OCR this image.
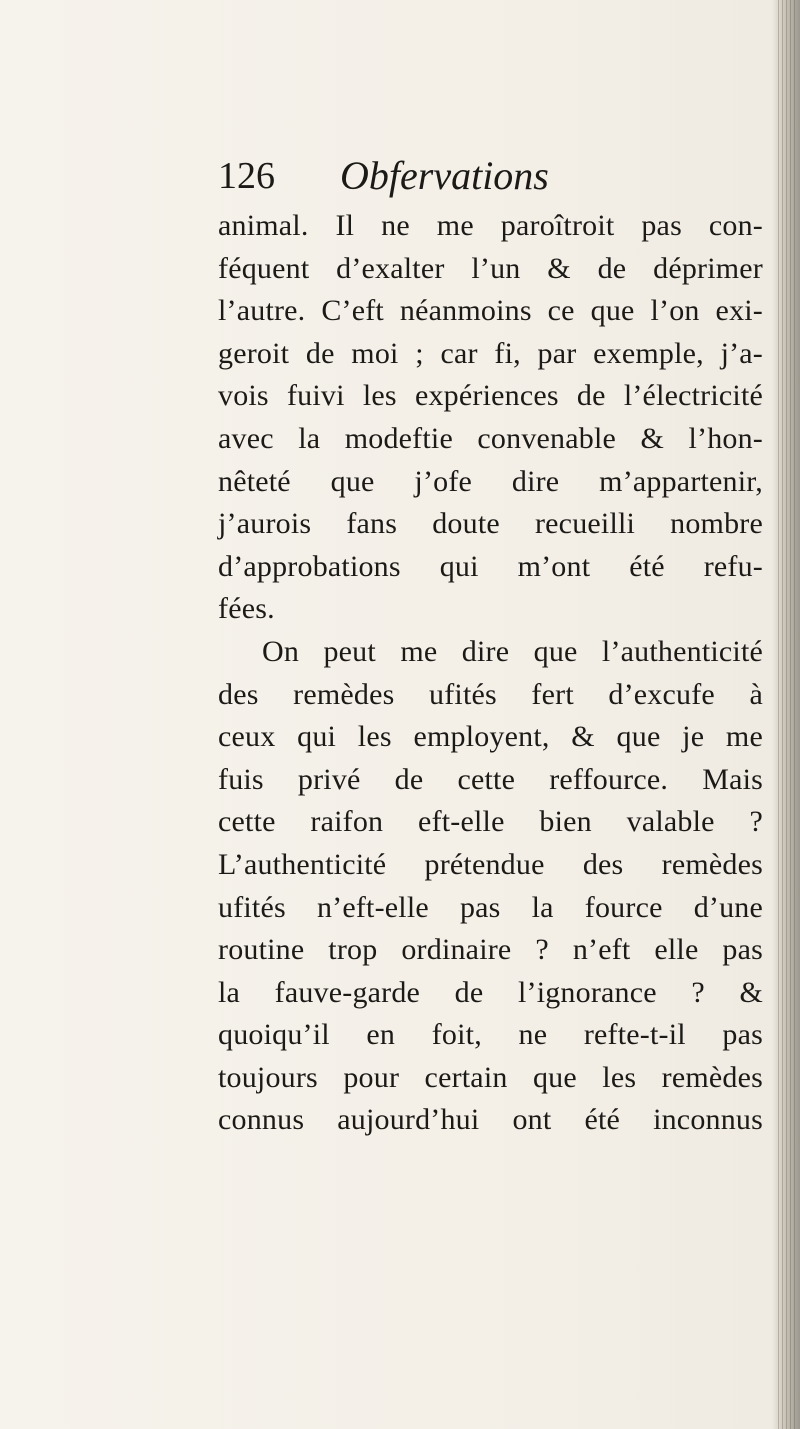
126 Obfervations
animal. Il ne me paroîtroit pas con-
féquent d’exalter l’un & de déprimer
l’autre. C’eft néanmoins ce que l’on exi-
geroit de moi ; car fi, par exemple, j’a-
vois fuivi les expériences de l’électricité
avec la modeftie convenable & l’hon-
nêteté que j’ofe dire m’appartenir,
j’aurois fans doute recueilli nombre
d’approbations qui m’ont été refu-
fées.
On peut me dire que l’authenticité
des remèdes ufités fert d’excufe à
ceux qui les employent, & que je me
fuis privé de cette reffource. Mais
cette raifon eft-elle bien valable ?
L’authenticité prétendue des remèdes
ufités n’eft-elle pas la fource d’une
routine trop ordinaire ? n’eft elle pas
la fauve-garde de l’ignorance ? &
quoiqu’il en foit, ne refte-t-il pas
toujours pour certain que les remèdes
connus aujourd’hui ont été inconnus
